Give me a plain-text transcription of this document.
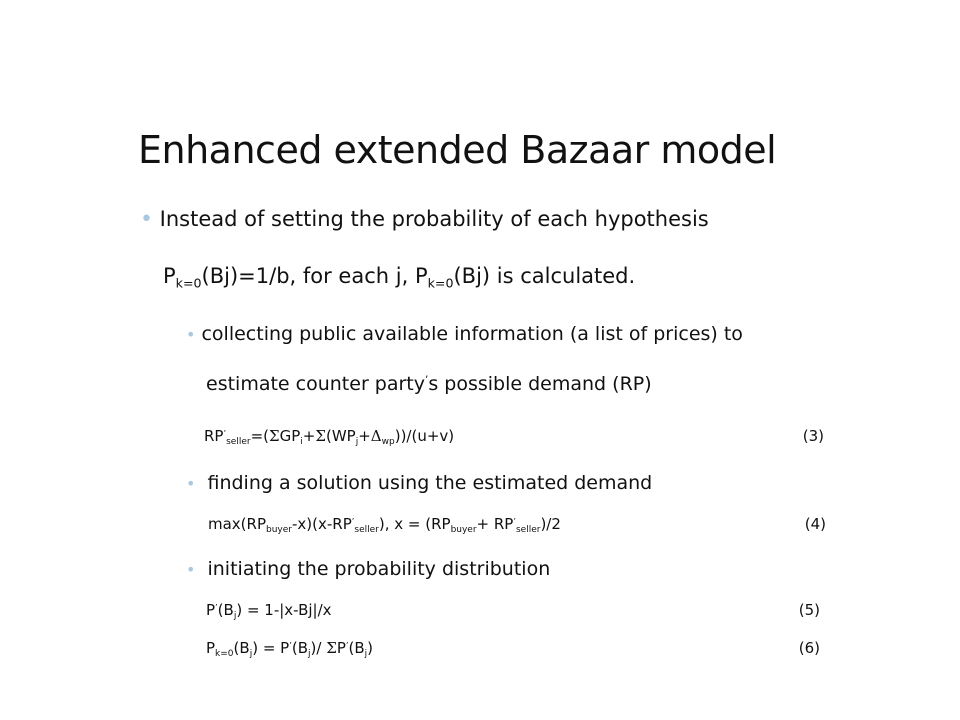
Enhanced extended Bazaar model
• Instead of setting the probability of each hypothesis
$P_{k=0}(Bj)=1/b$, for each j, $P_{k=0}(Bj)$ is calculated.
• collecting public available information (a list of prices) to
estimate counter party’s possible demand (RP)
$RP^’_{seller}=(\Sigma GP_i+\Sigma(WP_j+\Delta_{wp}))/(u+v)$	(3)
• finding a solution using the estimated demand
$\max(RP_{buyer}-x)(x-RP^’_{seller})$, $x = (RP_{buyer}+ RP^’_{seller})/2$	(4)
• initiating the probability distribution
$P^’(B_j) = 1-|x-Bj|/x$	(5)
$P_{k=0}(B_j) = P^’(B_j)/$ $\Sigma P^’(B_j)$	(6)
